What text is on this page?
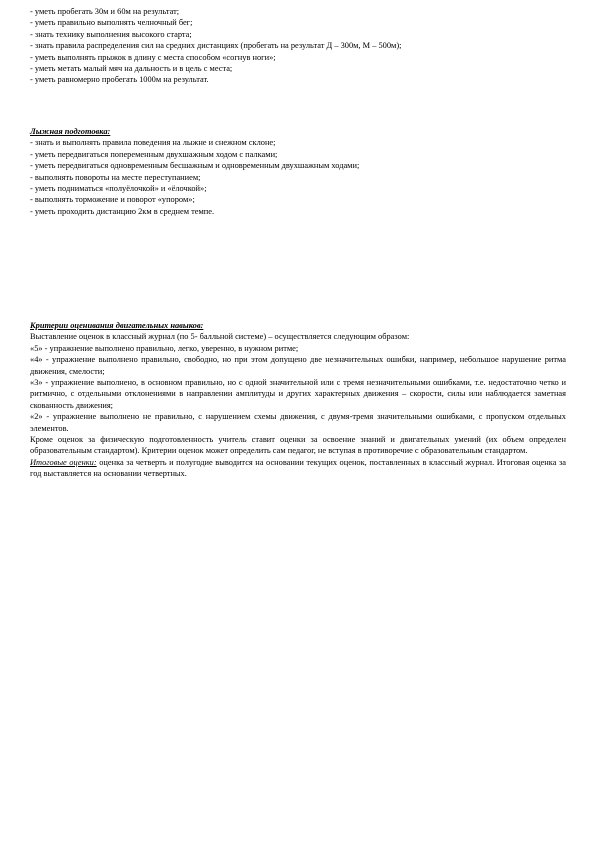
- уметь пробегать 30м и 60м на результат;
- уметь правильно выполнять челночный бег;
- знать технику выполнения высокого старта;
- знать правила распределения сил на средних дистанциях (пробегать на результат Д – 300м, М – 500м);
- уметь выполнять прыжок в длину с места способом «согнув ноги»;
- уметь метать малый мяч на дальность и в цель с места;
- уметь равномерно пробегать 1000м на результат.
Лыжная подготовка:
- знать и выполнять правила поведения на лыжне и снежном склоне;
- уметь передвигаться попеременным двухшажным ходом с палками;
- уметь передвигаться одновременным бесшажным и одновременным двухшажным ходами;
- выполнять повороты на месте переступанием;
- уметь подниматься «полуёлочкой» и «ёлочкой»;
- выполнять торможение и поворот «упором»;
- уметь проходить дистанцию 2км в среднем темпе.
Критерии оценивания двигательных навыков:
Выставление оценок в классный журнал (по 5- балльной системе) – осуществляется следующим образом:
«5» - упражнение выполнено правильно, легко, уверенно, в нужном ритме;
«4» - упражнение выполнено правильно, свободно, но при этом допущено две незначительных ошибки, например, небольшое нарушение ритма движения, смелости;
«3» - упражнение выполнено, в основном правильно, но с одной значительной или с тремя незначительными ошибками, т.е. недостаточно четко и ритмично, с отдельными отклонениями в направлении амплитуды и других характерных движения – скорости, силы или наблюдается заметная скованность движения;
«2» - упражнение выполнено не правильно, с нарушением схемы движения, с двумя-тремя значительными ошибками, с пропуском отдельных элементов.
Кроме оценок за физическую подготовленность учитель ставит оценки за освоение знаний и двигательных умений (их объем определен образовательным стандартом). Критерии оценок может определить сам педагог, не вступая в противоречие с образовательным стандартом.
Итоговые оценки: оценка за четверть и полугодие выводится на основании текущих оценок, поставленных в классный журнал. Итоговая оценка за год выставляется на основании четвертных.
